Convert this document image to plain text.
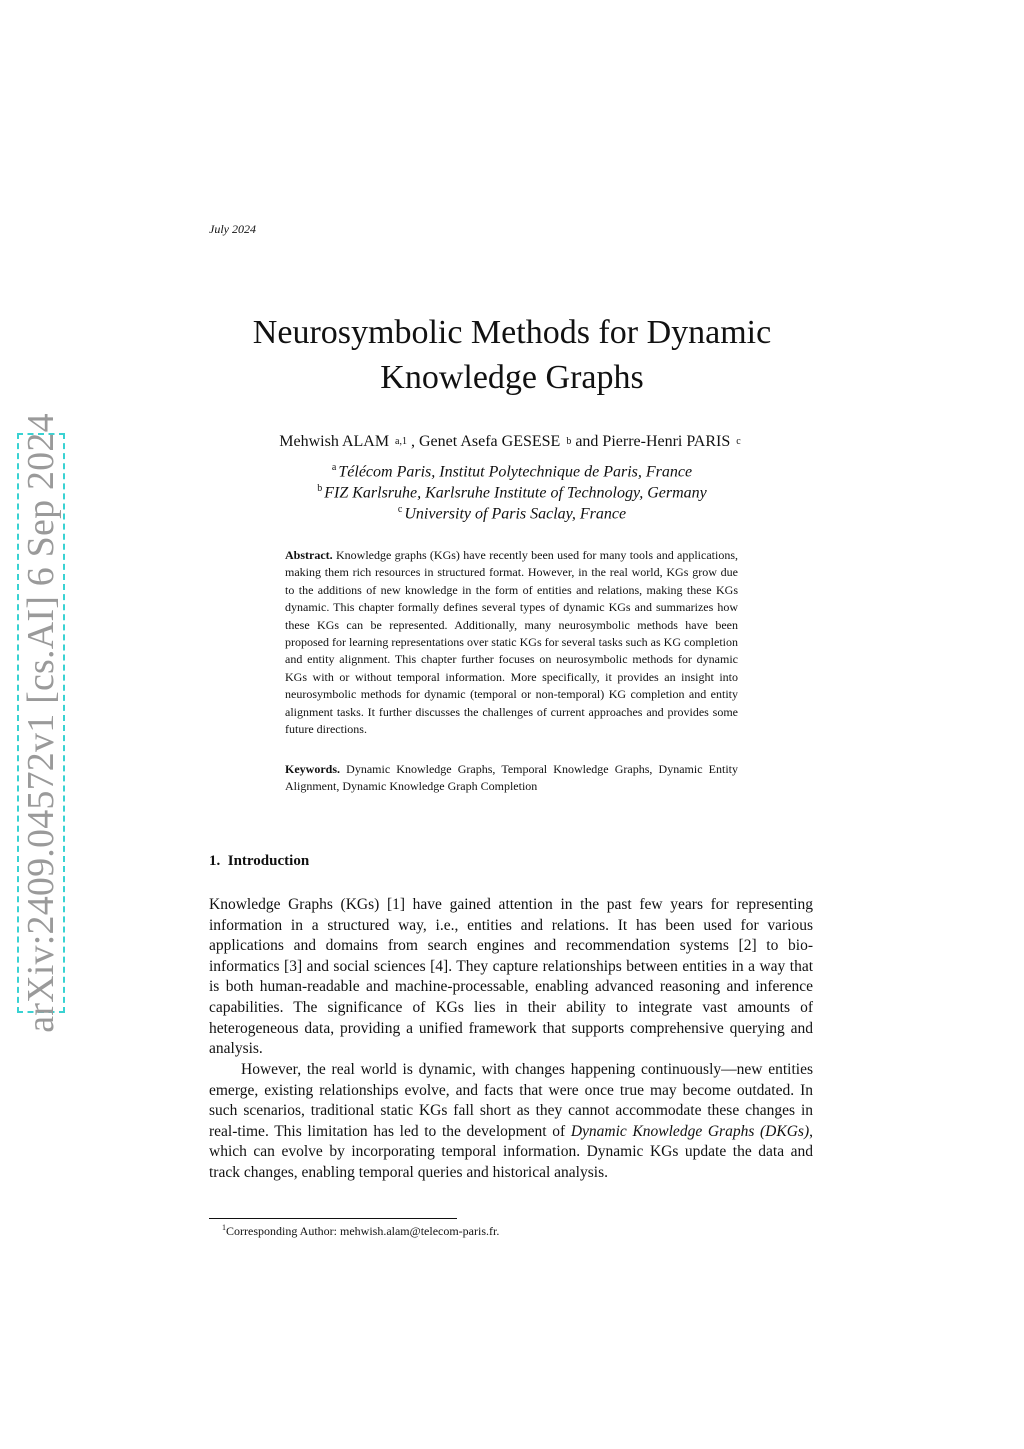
arXiv:2409.04572v1 [cs.AI] 6 Sep 2024
July 2024
Neurosymbolic Methods for Dynamic
Knowledge Graphs
Mehwish ALAM $^{a,1}$ , Genet Asefa GESESE $^b$ and Pierre-Henri PARIS $^c$
$^a$ Télécom Paris, Institut Polytechnique de Paris, France
$^b$ FIZ Karlsruhe, Karlsruhe Institute of Technology, Germany
$^c$ University of Paris Saclay, France

Abstract. Knowledge graphs (KGs) have recently been used for many tools and applications, making them rich resources in structured format. However, in the real world, KGs grow due to the additions of new knowledge in the form of entities and relations, making these KGs dynamic. This chapter formally defines several types of dynamic KGs and summarizes how these KGs can be represented. Additionally, many neurosymbolic methods have been proposed for learning representations over static KGs for several tasks such as KG completion and entity alignment. This chapter further focuses on neurosymbolic methods for dynamic KGs with or without temporal information. More specifically, it provides an insight into neurosymbolic methods for dynamic (temporal or non-temporal) KG completion and entity alignment tasks. It further discusses the challenges of current approaches and provides some future directions.

Keywords. Dynamic Knowledge Graphs, Temporal Knowledge Graphs, Dynamic Entity Alignment, Dynamic Knowledge Graph Completion

1. Introduction

Knowledge Graphs (KGs) [1] have gained attention in the past few years for representing information in a structured way, i.e., entities and relations. It has been used for various applications and domains from search engines and recommendation systems [2] to bio-informatics [3] and social sciences [4]. They capture relationships between entities in a way that is both human-readable and machine-processable, enabling advanced reasoning and inference capabilities. The significance of KGs lies in their ability to integrate vast amounts of heterogeneous data, providing a unified framework that supports comprehensive querying and analysis.

However, the real world is dynamic, with changes happening continuously—new entities emerge, existing relationships evolve, and facts that were once true may become outdated. In such scenarios, traditional static KGs fall short as they cannot accommodate these changes in real-time. This limitation has led to the development of Dynamic Knowledge Graphs (DKGs), which can evolve by incorporating temporal information. Dynamic KGs update the data and track changes, enabling temporal queries and historical analysis.

$^1$Corresponding Author: mehwish.alam@telecom-paris.fr.
